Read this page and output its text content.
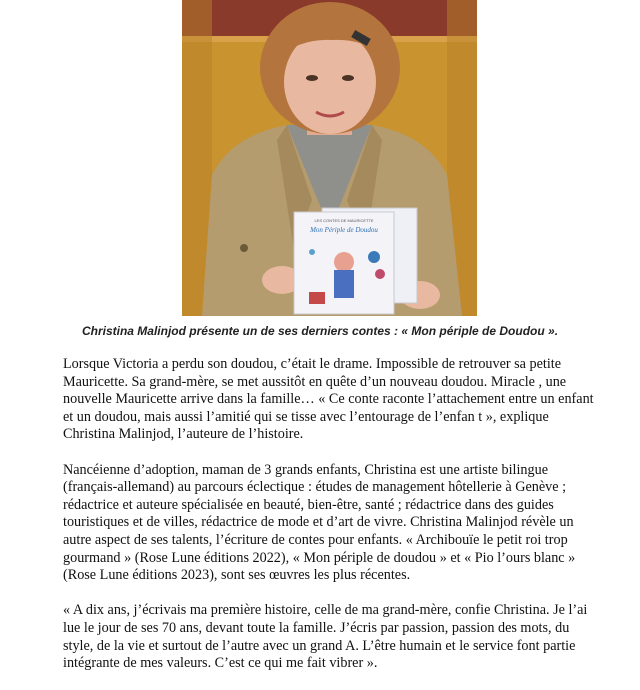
LES CONTES DE MAURICETTE
Mon Périple de Doudou
Christina Malinjod présente un de ses derniers contes : « Mon périple de Doudou ».

Lorsque Victoria a perdu son doudou, c’était le drame. Impossible de retrouver sa petite Mauricette. Sa grand-mère, se met aussitôt en quête d’un nouveau doudou. Miracle , une nouvelle Mauricette arrive dans la famille… « Ce conte raconte l’attachement entre un enfant et un doudou, mais aussi l’amitié qui se tisse avec l’entourage de l’enfan t », explique Christina Malinjod, l’auteure de l’histoire.

Nancéienne d’adoption, maman de 3 grands enfants, Christina est une artiste bilingue (français-allemand) au parcours éclectique : études de management hôtellerie à Genève ; rédactrice et auteure spécialisée en beauté, bien-être, santé ; rédactrice dans des guides touristiques et de villes, rédactrice de mode et d’art de vivre. Christina Malinjod révèle un autre aspect de ses talents, l’écriture de contes pour enfants. « Archibouïe le petit roi trop gourmand » (Rose Lune éditions 2022), « Mon périple de doudou » et « Pio l’ours blanc » (Rose Lune éditions 2023), sont ses œuvres les plus récentes.

« A dix ans, j’écrivais ma première histoire, celle de ma grand-mère, confie Christina. Je l’ai lue le jour de ses 70 ans, devant toute la famille. J’écris par passion, passion des mots, du style, de la vie et surtout de l’autre avec un grand A. L’être humain et le service font partie intégrante de mes valeurs. C’est ce qui me fait vibrer ».
